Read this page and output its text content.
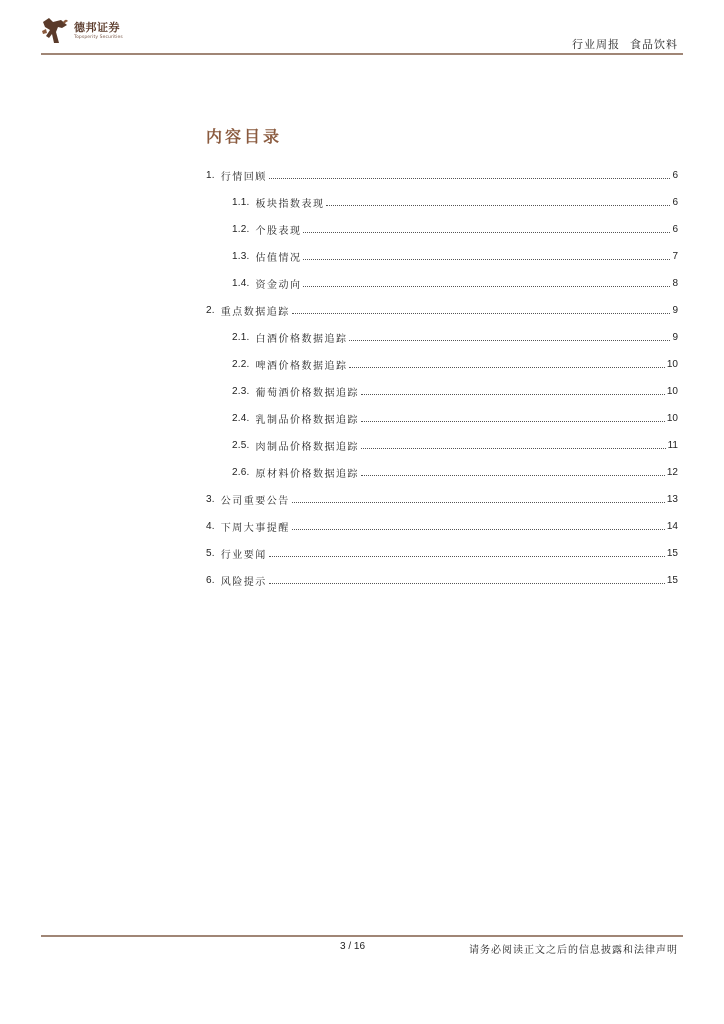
德邦证券
Topsperity Securities
行业周报 食品饮料
内容目录
1. 行情回顾	6
1.1. 板块指数表现	6
1.2. 个股表现	6
1.3. 估值情况	7
1.4. 资金动向	8
2. 重点数据追踪	9
2.1. 白酒价格数据追踪	9
2.2. 啤酒价格数据追踪	10
2.3. 葡萄酒价格数据追踪	10
2.4. 乳制品价格数据追踪	10
2.5. 肉制品价格数据追踪	11
2.6. 原材料价格数据追踪	12
3. 公司重要公告	13
4. 下周大事提醒	14
5. 行业要闻	15
6. 风险提示	15
3 / 16	请务必阅读正文之后的信息披露和法律声明
